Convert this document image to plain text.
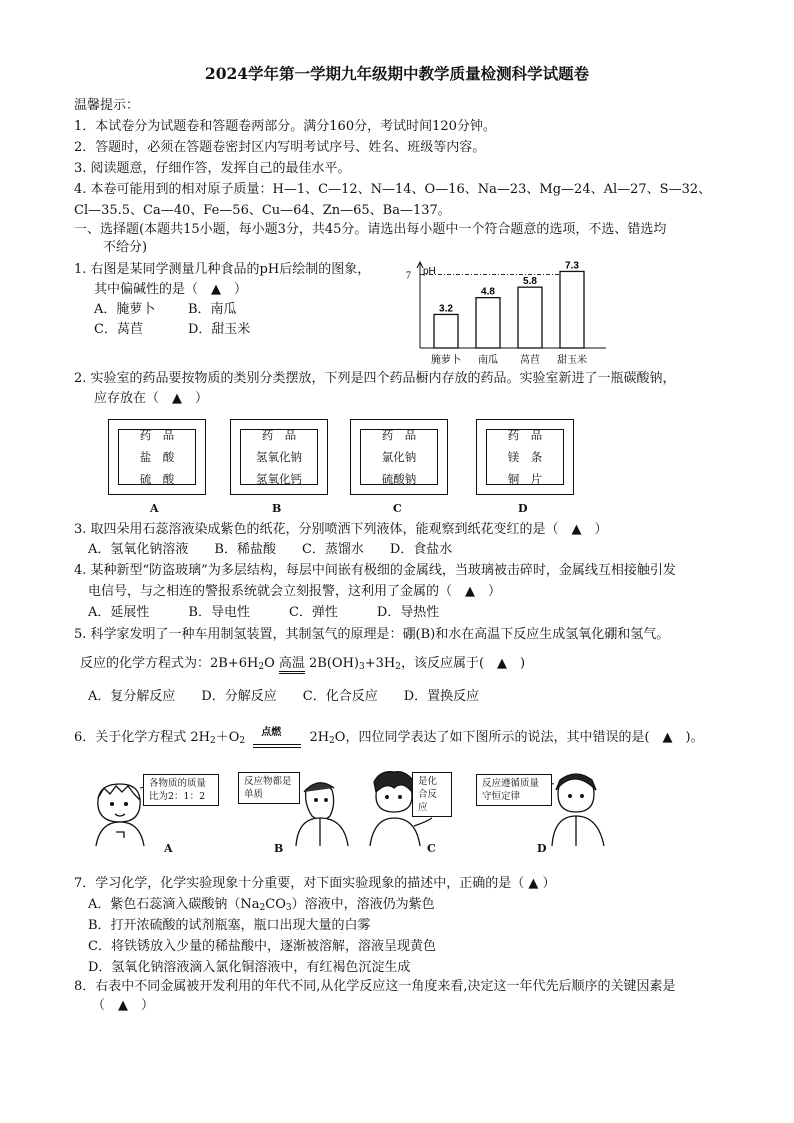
2024学年第一学期九年级期中教学质量检测科学试题卷
温馨提示：
1．本试卷分为试题卷和答题卷两部分。满分160分，考试时间120分钟。
2．答题时，必须在答题卷密封区内写明考试序号、姓名、班级等内容。
3. 阅读题意，仔细作答，发挥自己的最佳水平。
4. 本卷可能用到的相对原子质量：H—1、C—12、N—14、O—16、Na—23、Mg—24、Al—27、S—32、
Cl—35.5、Ca—40、Fe—56、Cu—64、Zn—65、Ba—137。
一、选择题(本题共15小题，每小题3分，共45分。请选出每小题中一个符合题意的选项，不选、错选均
不给分)
1. 右图是某同学测量几种食品的pH后绘制的图象，
其中偏碱性的是（　▲　）
A．腌萝卜	B．南瓜
C．莴苣	D．甜玉米
pH
7
3.2
腌萝卜
4.8
南瓜
5.8
莴苣
7.3
甜玉米
2. 实验室的药品要按物质的类别分类摆放，下列是四个药品橱内存放的药品。实验室新进了一瓶碳酸钠，
应存放在（　▲　）
药　品
盐　酸
硫　酸
药　品
氢氧化钠
氢氧化钙
药　品
氯化钠
硫酸钠
药　品
镁　条
铜　片
A	B	C	D
3. 取四朵用石蕊溶液染成紫色的纸花，分别喷洒下列液体，能观察到纸花变红的是（　▲　）
A．氢氧化钠溶液　　B．稀盐酸　　C．蒸馏水　　D．食盐水
4. 某种新型“防盗玻璃”为多层结构，每层中间嵌有极细的金属线，当玻璃被击碎时，金属线互相接触引发
电信号，与之相连的警报系统就会立刻报警，这利用了金属的（　▲　）
A．延展性　　　B．导电性　　　C．弹性　　　D．导热性
5. 科学家发明了一种车用制氢装置，其制氢气的原理是：硼(B)和水在高温下反应生成氢氧化硼和氢气。
反应的化学方程式为：$2B+6H_2O$ 高温 $2B(OH)_3+3H_2$，该反应属于(　▲　)
A．复分解反应　　D．分解反应　　C．化合反应　　D．置换反应
6．关于化学方程式 $2H_2+O_2$
点燃 $2H_2O$，四位同学表达了如下图所示的说法，其中错误的是(　▲　)。
各物质的质量比为2：1：2
反应物都是单质
是化合反应
反应遵循质量守恒定律
A	B	C	D
7．学习化学，化学实验现象十分重要，对下面实验现象的描述中，正确的是（ ▲ ）
A．紫色石蕊滴入碳酸钠$(Na_2CO_3)$溶液中，溶液仍为紫色
B．打开浓硫酸的试剂瓶塞，瓶口出现大量的白雾
C．将铁锈放入少量的稀盐酸中，逐渐被溶解，溶液呈现黄色
D．氢氧化钠溶液滴入氯化铜溶液中，有红褐色沉淀生成
8．右表中不同金属被开发利用的年代不同,从化学反应这一角度来看,决定这一年代先后顺序的关键因素是
（　▲　）
